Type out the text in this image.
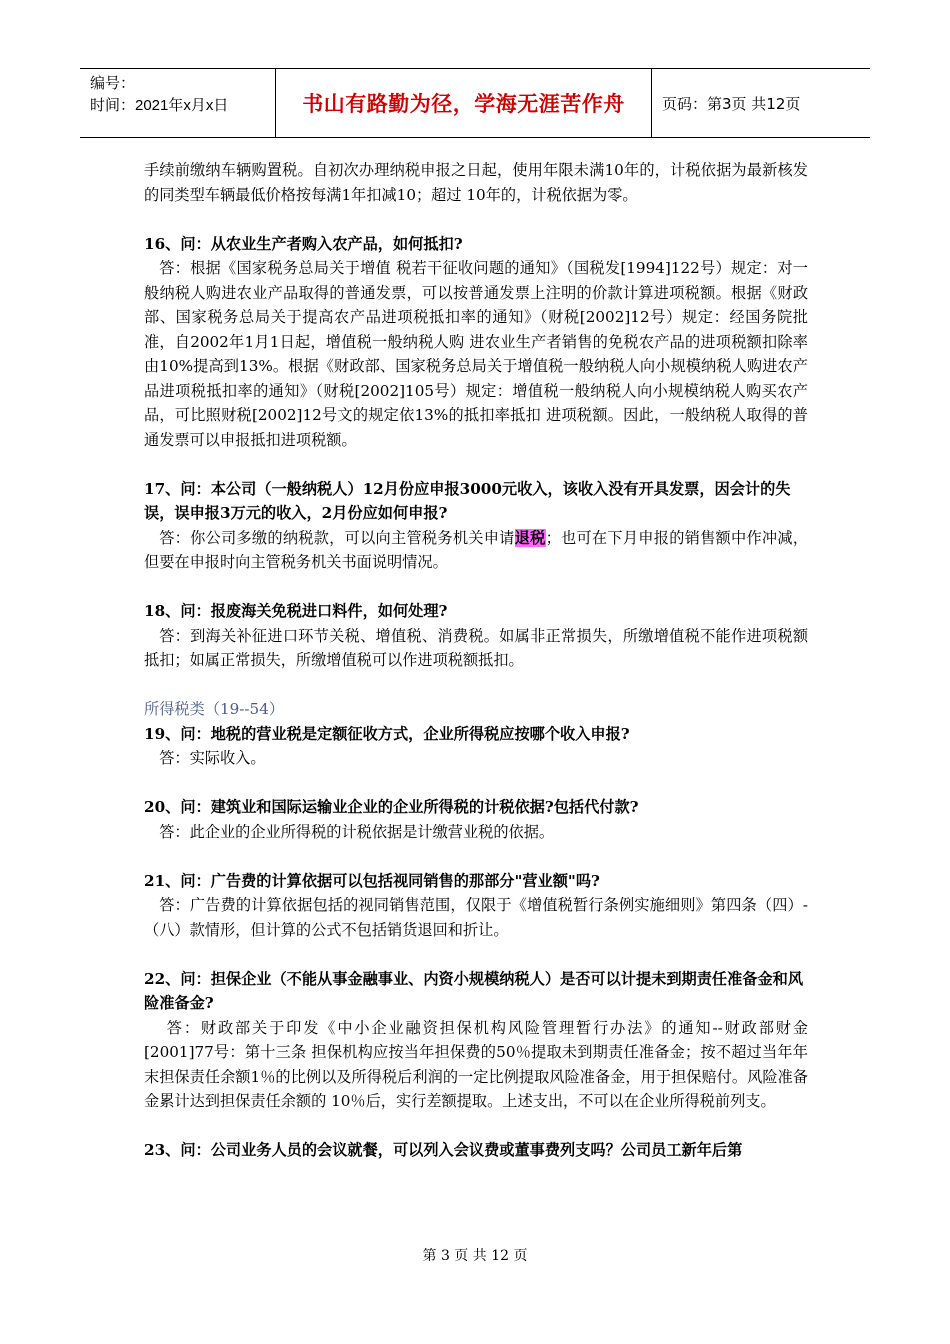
编号：
时间：2021年x月x日	书山有路勤为径，学海无涯苦作舟	页码：第3页 共12页

手续前缴纳车辆购置税。自初次办理纳税申报之日起，使用年限未满10年的，计税依据为最新核发的同类型车辆最低价格按每满1年扣减10；超过 10年的，计税依据为零。

16、问：从农业生产者购入农产品，如何抵扣?

答：根据《国家税务总局关于增值 税若干征收问题的通知》（国税发[1994]122号）规定：对一般纳税人购进农业产品取得的普通发票，可以按普通发票上注明的价款计算进项税额。根据《财政部、国家税务总局关于提高农产品进项税抵扣率的通知》（财税[2002]12号）规定：经国务院批准，自2002年1月1日起，增值税一般纳税人购 进农业生产者销售的免税农产品的进项税额扣除率由10%提高到13%。根据《财政部、国家税务总局关于增值税一般纳税人向小规模纳税人购进农产品进项税抵扣率的通知》（财税[2002]105号）规定：增值税一般纳税人向小规模纳税人购买农产品，可比照财税[2002]12号文的规定依13%的抵扣率抵扣 进项税额。因此，一般纳税人取得的普通发票可以申报抵扣进项税额。

17、问：本公司（一般纳税人）12月份应申报3000元收入，该收入没有开具发票，因会计的失误，误申报3万元的收入，2月份应如何申报?

答：你公司多缴的纳税款，可以向主管税务机关申请退税；也可在下月申报的销售额中作冲减，但要在申报时向主管税务机关书面说明情况。

18、问：报废海关免税进口料件，如何处理?

答：到海关补征进口环节关税、增值税、消费税。如属非正常损失，所缴增值税不能作进项税额抵扣；如属正常损失，所缴增值税可以作进项税额抵扣。

所得税类（19--54）

19、问：地税的营业税是定额征收方式，企业所得税应按哪个收入申报?

答：实际收入。

20、问：建筑业和国际运输业企业的企业所得税的计税依据?包括代付款?

答：此企业的企业所得税的计税依据是计缴营业税的依据。

21、问：广告费的计算依据可以包括视同销售的那部分"营业额"吗?

答：广告费的计算依据包括的视同销售范围，仅限于《增值税暂行条例实施细则》第四条（四）-（八）款情形，但计算的公式不包括销货退回和折让。

22、问：担保企业（不能从事金融事业、内资小规模纳税人）是否可以计提未到期责任准备金和风险准备金?

答：财政部关于印发《中小企业融资担保机构风险管理暂行办法》的通知--财政部财金[2001]77号：第十三条 担保机构应按当年担保费的50％提取未到期责任准备金；按不超过当年年末担保责任余额1％的比例以及所得税后利润的一定比例提取风险准备金，用于担保赔付。风险准备金累计达到担保责任余额的 10％后，实行差额提取。上述支出，不可以在企业所得税前列支。

23、问：公司业务人员的会议就餐，可以列入会议费或董事费列支吗？公司员工新年后第

第 3 页 共 12 页
